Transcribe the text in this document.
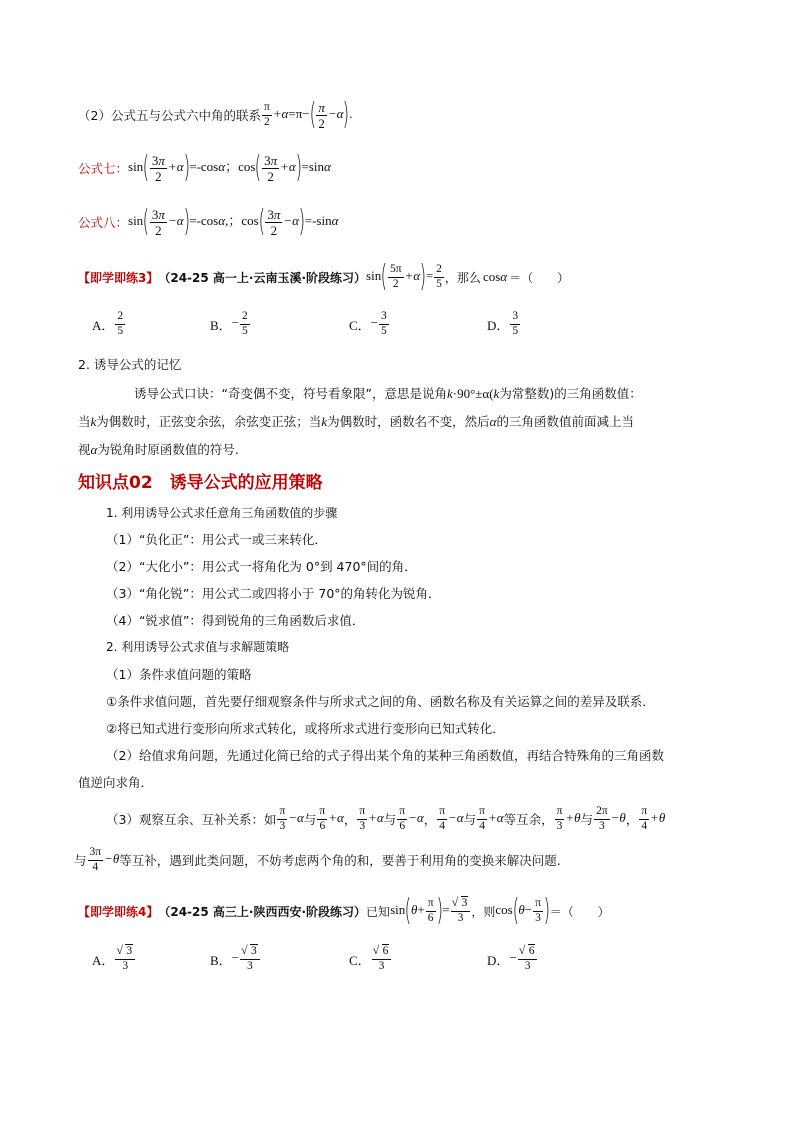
（2）公式五与公式六中角的联系 $\frac{\pi}{2} +\alpha=\pi-( \frac{\pi}{2} -\alpha)$.
公式七： $\sin( \frac{3\pi}{2} +\alpha)=-\cos\alpha$；$\cos( \frac{3\pi}{2} +\alpha)=\sin\alpha$
公式八： $\sin( \frac{3\pi}{2} -\alpha)=-\cos\alpha$,；$\cos( \frac{3\pi}{2} -\alpha)=-\sin\alpha$
【即学即练3】 （24-25 高一上·云南玉溪·阶段练习） $\sin( \frac{5\pi}{2} +\alpha)= \frac{2}{5}$ ，那么 cosα ＝（　　）
A． $\frac{2}{5}$	B． − $\frac{2}{5}$	C． − $\frac{3}{5}$	D． $\frac{3}{5}$
2. 诱导公式的记忆
诱导公式口诀：“奇变偶不变，符号看象限”，意思是说角k·90°±α(k为常整数)的三角函数值：
当k为偶数时，正弦变余弦，余弦变正弦；当k为偶数时，函数名不变，然后α的三角函数值前面减上当
视α为锐角时原函数值的符号.
知识点02　诱导公式的应用策略
1. 利用诱导公式求任意角三角函数值的步骤
（1）“负化正”：用公式一或三来转化．
（2）“大化小”：用公式一将角化为 0°到 470°间的角．
（3）“角化锐”：用公式二或四将小于 70°的角转化为锐角．
（4）“锐求值”：得到锐角的三角函数后求值．
2. 利用诱导公式求值与求解题策略
（1）条件求值问题的策略
①条件求值问题，首先要仔细观察条件与所求式之间的角、函数名称及有关运算之间的差异及联系．
②将已知式进行变形向所求式转化，或将所求式进行变形向已知式转化．
（2）给值求角问题，先通过化简已给的式子得出某个角的某种三角函数值，再结合特殊角的三角函数
值逆向求角．
（3）观察互余、互补关系：如 $\frac{\pi}{3} -\alpha$ 与 $\frac{\pi}{6} +\alpha$ ， $\frac{\pi}{3} +\alpha$ 与 $\frac{\pi}{6} -\alpha$ ， $\frac{\pi}{4} -\alpha$ 与 $\frac{\pi}{4} +\alpha$ 等互余， $\frac{\pi}{3} +\theta$ 与 $\frac{2\pi}{3} -\theta$ ， $\frac{\pi}{4} +\theta$
与 $\frac{3\pi}{4} -\theta$ 等互补，遇到此类问题，不妨考虑两个角的和，要善于利用角的变换来解决问题.
【即学即练4】 （24-25 高三上·陕西西安·阶段练习） 已知 $\sin(\theta+ \frac{\pi}{6}$ )= √ $\frac{3}{3}$ ，则 $\cos(\theta- \frac{\pi}{3}$ ) ＝（　　）
A． √ $\frac{3}{3}$	B． − √ $\frac{3}{3}$	C． √ $\frac{6}{3}$	D． − √ $\frac{6}{3}$
